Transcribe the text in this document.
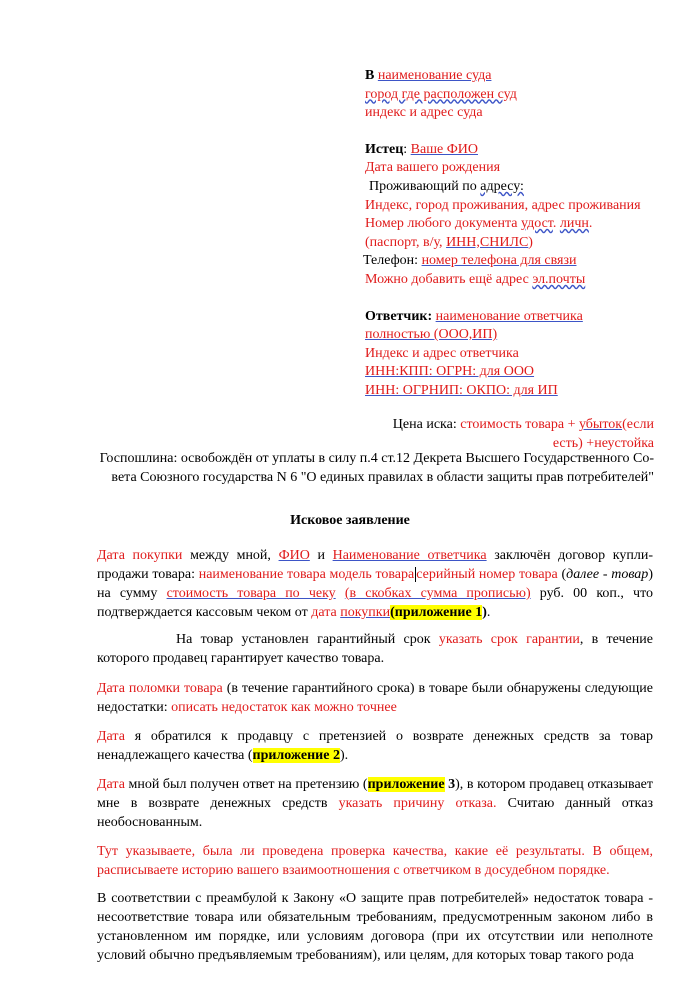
В наименование суда
город где расположен суд
индекс и адрес суда
Истец: Ваше ФИО
Дата вашего рождения
Проживающий по адресу:
Индекс, город проживания, адрес проживания
Номер любого документа удост. личн.
(паспорт, в/у, ИНН,СНИЛС)
Телефон: номер телефона для связи
Можно добавить ещё адрес эл.почты
Ответчик: наименование ответчика
полностью (ООО,ИП)
Индекс и адрес ответчика
ИНН:КПП: ОГРН: для ООО
ИНН: ОГРНИП: ОКПО: для ИП
Цена иска: стоимость товара + убыток(если
есть) +неустойка
Госпошлина: освобождён от уплаты в силу п.4 ст.12 Декрета Высшего Государственного Со-
вета Союзного государства N 6 "О единых правилах в области защиты прав потребителей"
Исковое заявление
Дата покупки между мной, ФИО и Наименование ответчика заключён договор купли-продажи товара: наименование товара модель товара серийный номер товара (далее - товар) на сумму стоимость товара по чеку (в скобках сумма прописью) руб. 00 коп., что подтверждается кассовым чеком от дата покупки(приложение 1).
На товар установлен гарантийный срок указать срок гарантии, в течение которого продавец гарантирует качество товара.
Дата поломки товара (в течение гарантийного срока) в товаре были обнаружены следующие недостатки: описать недостаток как можно точнее
Дата я обратился к продавцу с претензией о возврате денежных средств за товар ненадлежащего качества (приложение 2).
Дата мной был получен ответ на претензию (приложение 3), в котором продавец отказывает мне в возврате денежных средств указать причину отказа. Считаю данный отказ необоснованным.
Тут указываете, была ли проведена проверка качества, какие её результаты. В общем, расписываете историю вашего взаимоотношения с ответчиком в досудебном порядке.
В соответствии с преамбулой к Закону «О защите прав потребителей» недостаток товара - несоответствие товара или обязательным требованиям, предусмотренным законом либо в установленном им порядке, или условиям договора (при их отсутствии или неполноте условий обычно предъявляемым требованиям), или целям, для которых товар такого рода
